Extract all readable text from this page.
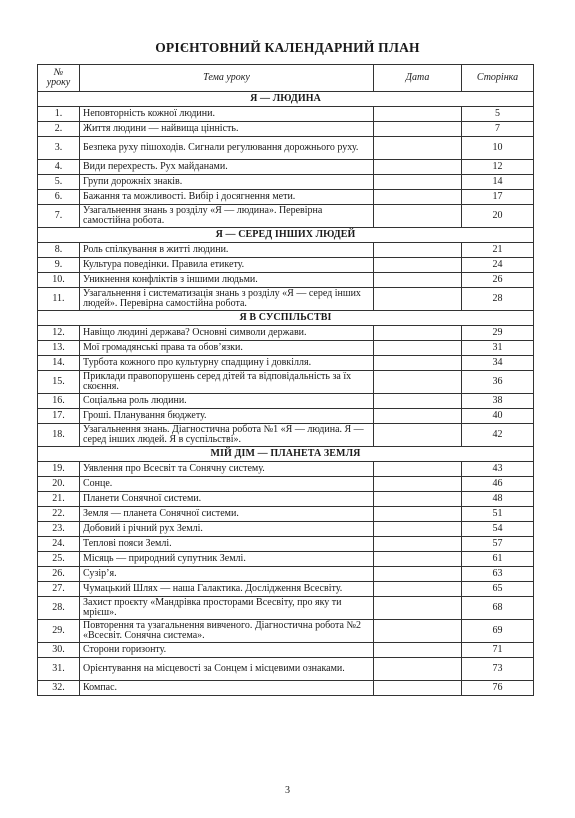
ОРІЄНТОВНИЙ КАЛЕНДАРНИЙ ПЛАН
№
уроку	Тема уроку	Дата	Сторінка
Я — ЛЮДИНА			
1.	Неповторність кожної людини.		5
2.	Життя людини — найвища цінність.		7
3.	Безпека руху пішоходів. Сигнали регулювання дорожнього руху.		10
4.	Види перехресть. Рух майданами.		12
5.	Групи дорожніх знаків.		14
6.	Бажання та можливості. Вибір і досягнення мети.		17
7.	Узагальнення знань з розділу «Я — людина». Перевірна самостійна робота.		20
Я — СЕРЕД ІНШИХ ЛЮДЕЙ			
8.	Роль спілкування в житті людини.		21
9.	Культура поведінки. Правила етикету.		24
10.	Уникнення конфліктів з іншими людьми.		26
11.	Узагальнення і систематизація знань з розділу «Я — серед інших людей». Перевірна самостійна робота.		28
Я В СУСПІЛЬСТВІ			
12.	Навіщо людині держава? Основні символи держави.		29
13.	Мої громадянські права та обов’язки.		31
14.	Турбота кожного про культурну спадщину і довкілля.		34
15.	Приклади правопорушень серед дітей та відповідальність за їх скоєння.		36
16.	Соціальна роль людини.		38
17.	Гроші. Планування бюджету.		40
18.	Узагальнення знань. Діагностична робота №1 «Я — людина. Я — серед інших людей. Я в суспільстві».		42
МІЙ ДІМ — ПЛАНЕТА ЗЕМЛЯ			
19.	Уявлення про Всесвіт та Сонячну систему.		43
20.	Сонце.		46
21.	Планети Сонячної системи.		48
22.	Земля — планета Сонячної системи.		51
23.	Добовий і річний рух Землі.		54
24.	Теплові пояси Землі.		57
25.	Місяць — природний супутник Землі.		61
26.	Сузір’я.		63
27.	Чумацький Шлях — наша Галактика. Дослідження Всесвіту.		65
28.	Захист проєкту «Мандрівка просторами Всесвіту, про яку ти мрієш».		68
29.	Повторення та узагальнення вивченого. Діагностична робота №2 «Всесвіт. Сонячна система».		69
30.	Сторони горизонту.		71
31.	Орієнтування на місцевості за Сонцем і місцевими ознаками.		73
32.	Компас.		76
3
